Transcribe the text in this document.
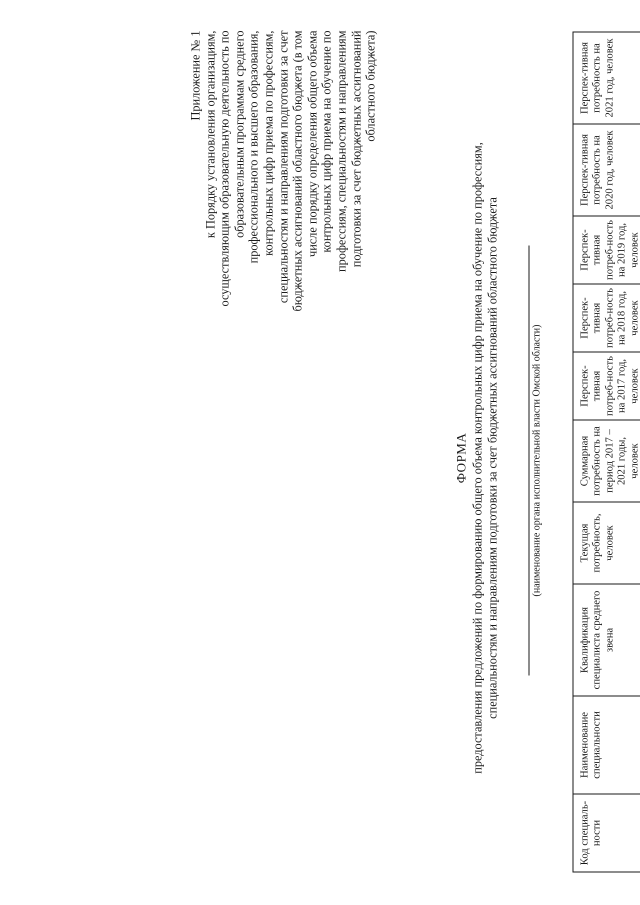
Приложение № 1 к Порядку установления организациям, осуществляющим образовательную деятельность по образовательным программам среднего профессионального и высшего образования, контрольных цифр приема по профессиям, специальностям и направлениям подготовки за счет бюджетных ассигнований областного бюджета (в том числе порядку определения общего объема контрольных цифр приема на обучение по профессиям, специальностям и направлениям подготовки за счет бюджетных ассигнований областного бюджета)
ФОРМА предоставления предложений по формированию общего объема контрольных цифр приема на обучение по профессиям, специальностям и направлениям подготовки за счет бюджетных ассигнований областного бюджета	(наименование органа исполнительной власти Омской области)
Код специаль-ности	Наименование специальности	Квалификация специалиста среднего звена	Текущая потребность, человек	Суммарная потребность на период 2017 – 2021 годы, человек	Перспек-тивная потреб-ность на 2017 год, человек	Перспек-тивная потреб-ность на 2018 год, человек	Перспек-тивная потреб-ность на 2019 год, человек	Перспек-тивная потребность на 2020 год, человек	Перспек-тивная потребность на 2021 год, человек
